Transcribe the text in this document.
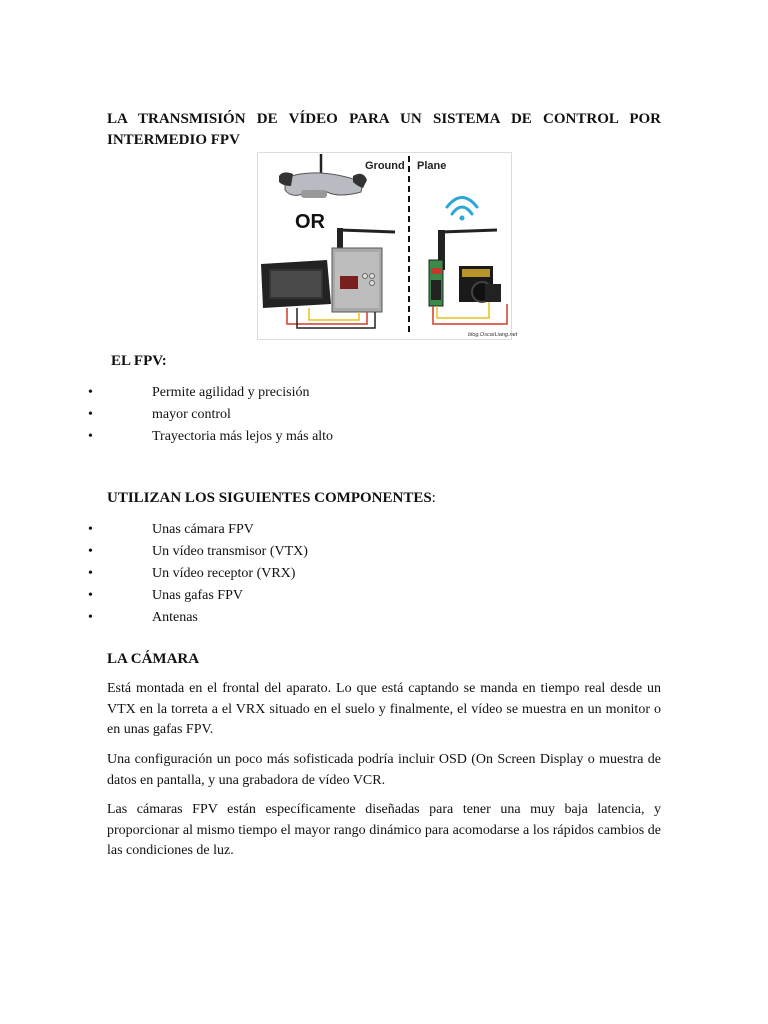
LA TRANSMISIÓN DE VÍDEO PARA UN SISTEMA DE CONTROL POR
INTERMEDIO FPV
Ground Plane
OR
blog.OscarLiang.net
EL FPV:
•	Permite agilidad y precisión
•	mayor control
•	Trayectoria más lejos y más alto
UTILIZAN LOS SIGUIENTES COMPONENTES:
•	Unas cámara FPV
•	Un vídeo transmisor (VTX)
•	Un vídeo receptor (VRX)
•	Unas gafas FPV
•	Antenas
LA CÁMARA
Está montada en el frontal del aparato. Lo que está captando se manda en tiempo real desde un VTX en la torreta a el VRX situado en el suelo y finalmente, el vídeo se muestra en un monitor o en unas gafas FPV.
Una configuración un poco más sofisticada podría incluir OSD (On Screen Display o muestra de datos en pantalla, y una grabadora de vídeo VCR.
Las cámaras FPV están específicamente diseñadas para tener una muy baja latencia, y proporcionar al mismo tiempo el mayor rango dinámico para acomodarse a los rápidos cambios de las condiciones de luz.
